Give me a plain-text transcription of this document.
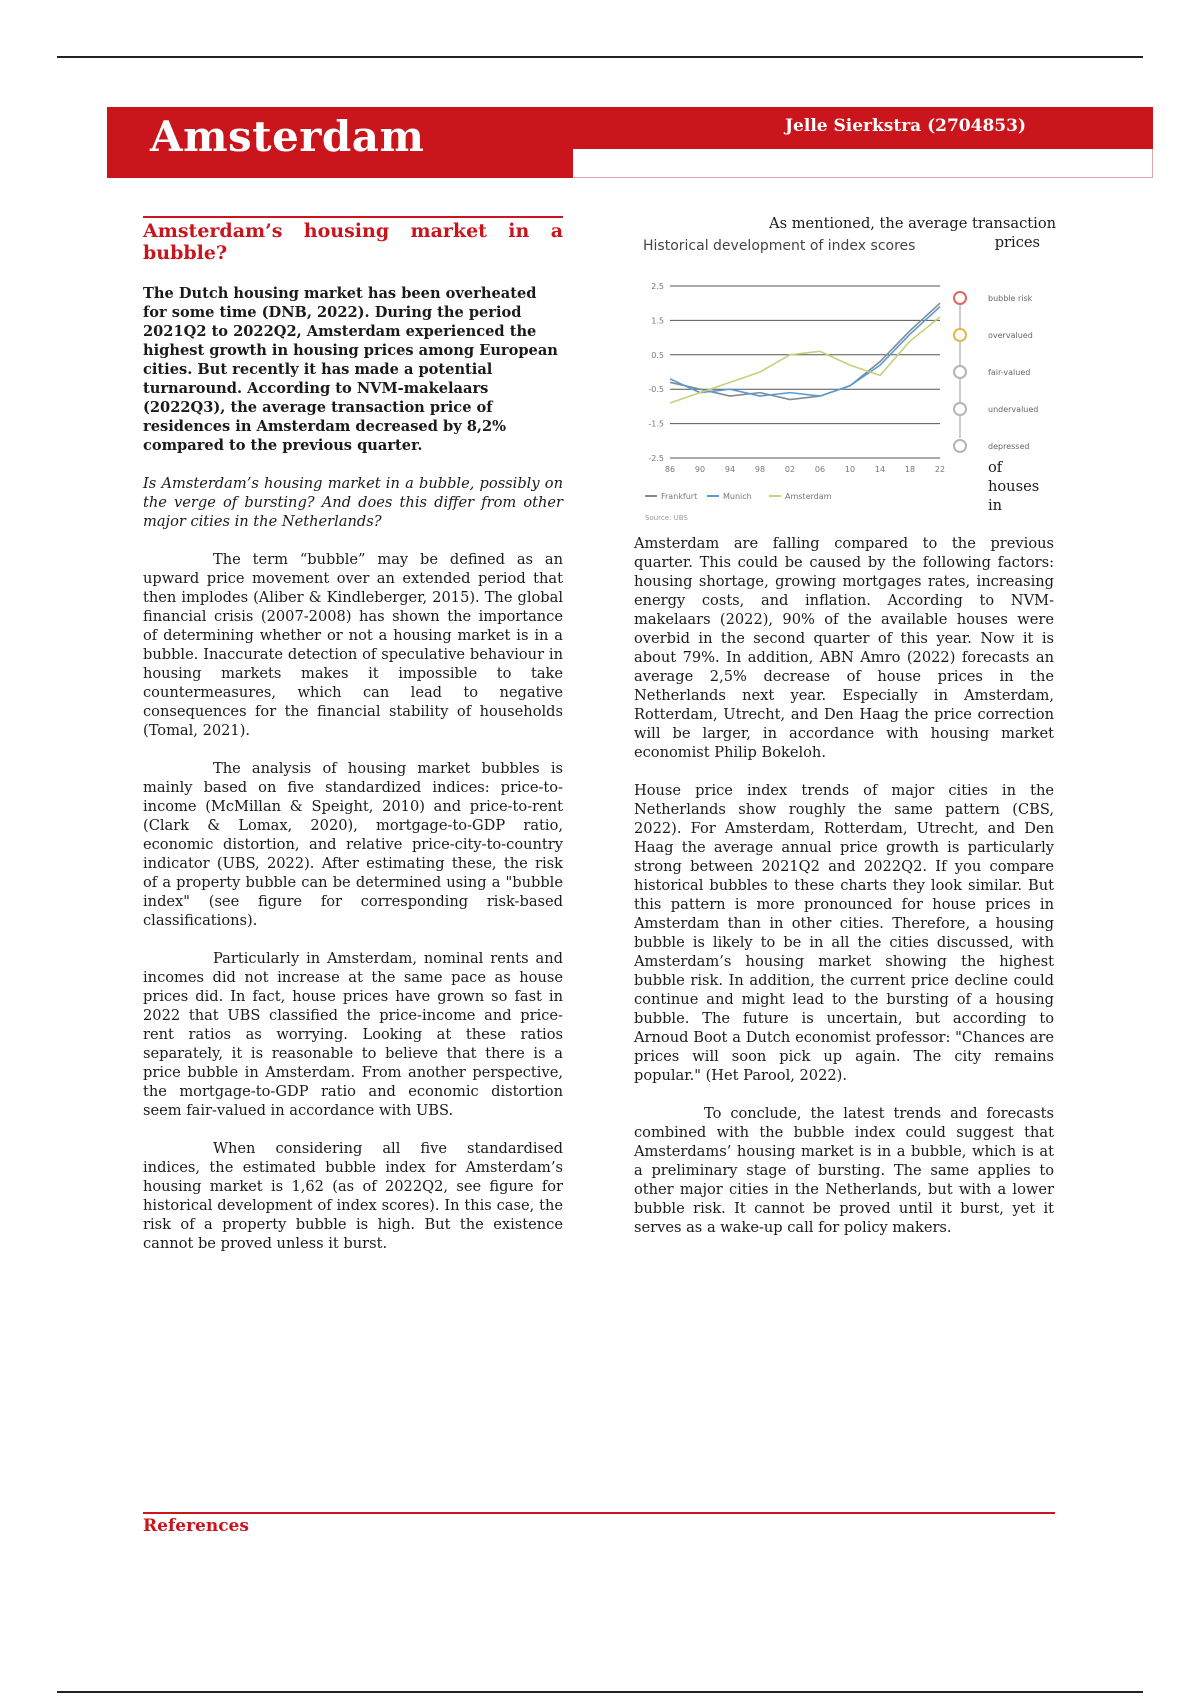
Amsterdam	Jelle Sierkstra (2704853)
Amsterdam’s housing market in a bubble?

The Dutch housing market has been overheated for some time (DNB, 2022). During the period 2021Q2 to 2022Q2, Amsterdam experienced the highest growth in housing prices among European cities. But recently it has made a potential turnaround. According to NVM-makelaars (2022Q3), the average transaction price of residences in Amsterdam decreased by 8,2% compared to the previous quarter.

Is Amsterdam’s housing market in a bubble, possibly on the verge of bursting? And does this differ from other major cities in the Netherlands?

The term “bubble” may be defined as an upward price movement over an extended period that then implodes (Aliber & Kindleberger, 2015). The global financial crisis (2007-2008) has shown the importance of determining whether or not a housing market is in a bubble. Inaccurate detection of speculative behaviour in housing markets makes it impossible to take countermeasures, which can lead to negative consequences for the financial stability of households (Tomal, 2021).

The analysis of housing market bubbles is mainly based on five standardized indices: price-to-income (McMillan & Speight, 2010) and price-to-rent (Clark & Lomax, 2020), mortgage-to-GDP ratio, economic distortion, and relative price-city-to-country indicator (UBS, 2022). After estimating these, the risk of a property bubble can be determined using a "bubble index" (see figure for corresponding risk-based classifications).

Particularly in Amsterdam, nominal rents and incomes did not increase at the same pace as house prices did. In fact, house prices have grown so fast in 2022 that UBS classified the price-income and price-rent ratios as worrying. Looking at these ratios separately, it is reasonable to believe that there is a price bubble in Amsterdam. From another perspective, the mortgage-to-GDP ratio and economic distortion seem fair-valued in accordance with UBS.

When considering all five standardised indices, the estimated bubble index for Amsterdam’s housing market is 1,62 (as of 2022Q2, see figure for historical development of index scores). In this case, the risk of a property bubble is high. But the existence cannot be proved unless it burst.

As mentioned, the average transaction
prices
of
houses
in
Historical development of index scores
2.5
1.5
0.5
-0.5
-1.5
-2.5
86 90 94 98 02 06 10 14 18 22
bubble risk
overvalued
fair-valued
undervalued
depressed
Frankfurt	Munich	Amsterdam
Source: UBS

Amsterdam are falling compared to the previous quarter. This could be caused by the following factors: housing shortage, growing mortgages rates, increasing energy costs, and inflation. According to NVM-makelaars (2022), 90% of the available houses were overbid in the second quarter of this year. Now it is about 79%. In addition, ABN Amro (2022) forecasts an average 2,5% decrease of house prices in the Netherlands next year. Especially in Amsterdam, Rotterdam, Utrecht, and Den Haag the price correction will be larger, in accordance with housing market economist Philip Bokeloh.

House price index trends of major cities in the Netherlands show roughly the same pattern (CBS, 2022). For Amsterdam, Rotterdam, Utrecht, and Den Haag the average annual price growth is particularly strong between 2021Q2 and 2022Q2. If you compare historical bubbles to these charts they look similar. But this pattern is more pronounced for house prices in Amsterdam than in other cities. Therefore, a housing bubble is likely to be in all the cities discussed, with Amsterdam’s housing market showing the highest bubble risk. In addition, the current price decline could continue and might lead to the bursting of a housing bubble. The future is uncertain, but according to Arnoud Boot a Dutch economist professor: "Chances are prices will soon pick up again. The city remains popular." (Het Parool, 2022).

To conclude, the latest trends and forecasts combined with the bubble index could suggest that Amsterdams’ housing market is in a bubble, which is at a preliminary stage of bursting. The same applies to other major cities in the Netherlands, but with a lower bubble risk. It cannot be proved until it burst, yet it serves as a wake-up call for policy makers.

References
